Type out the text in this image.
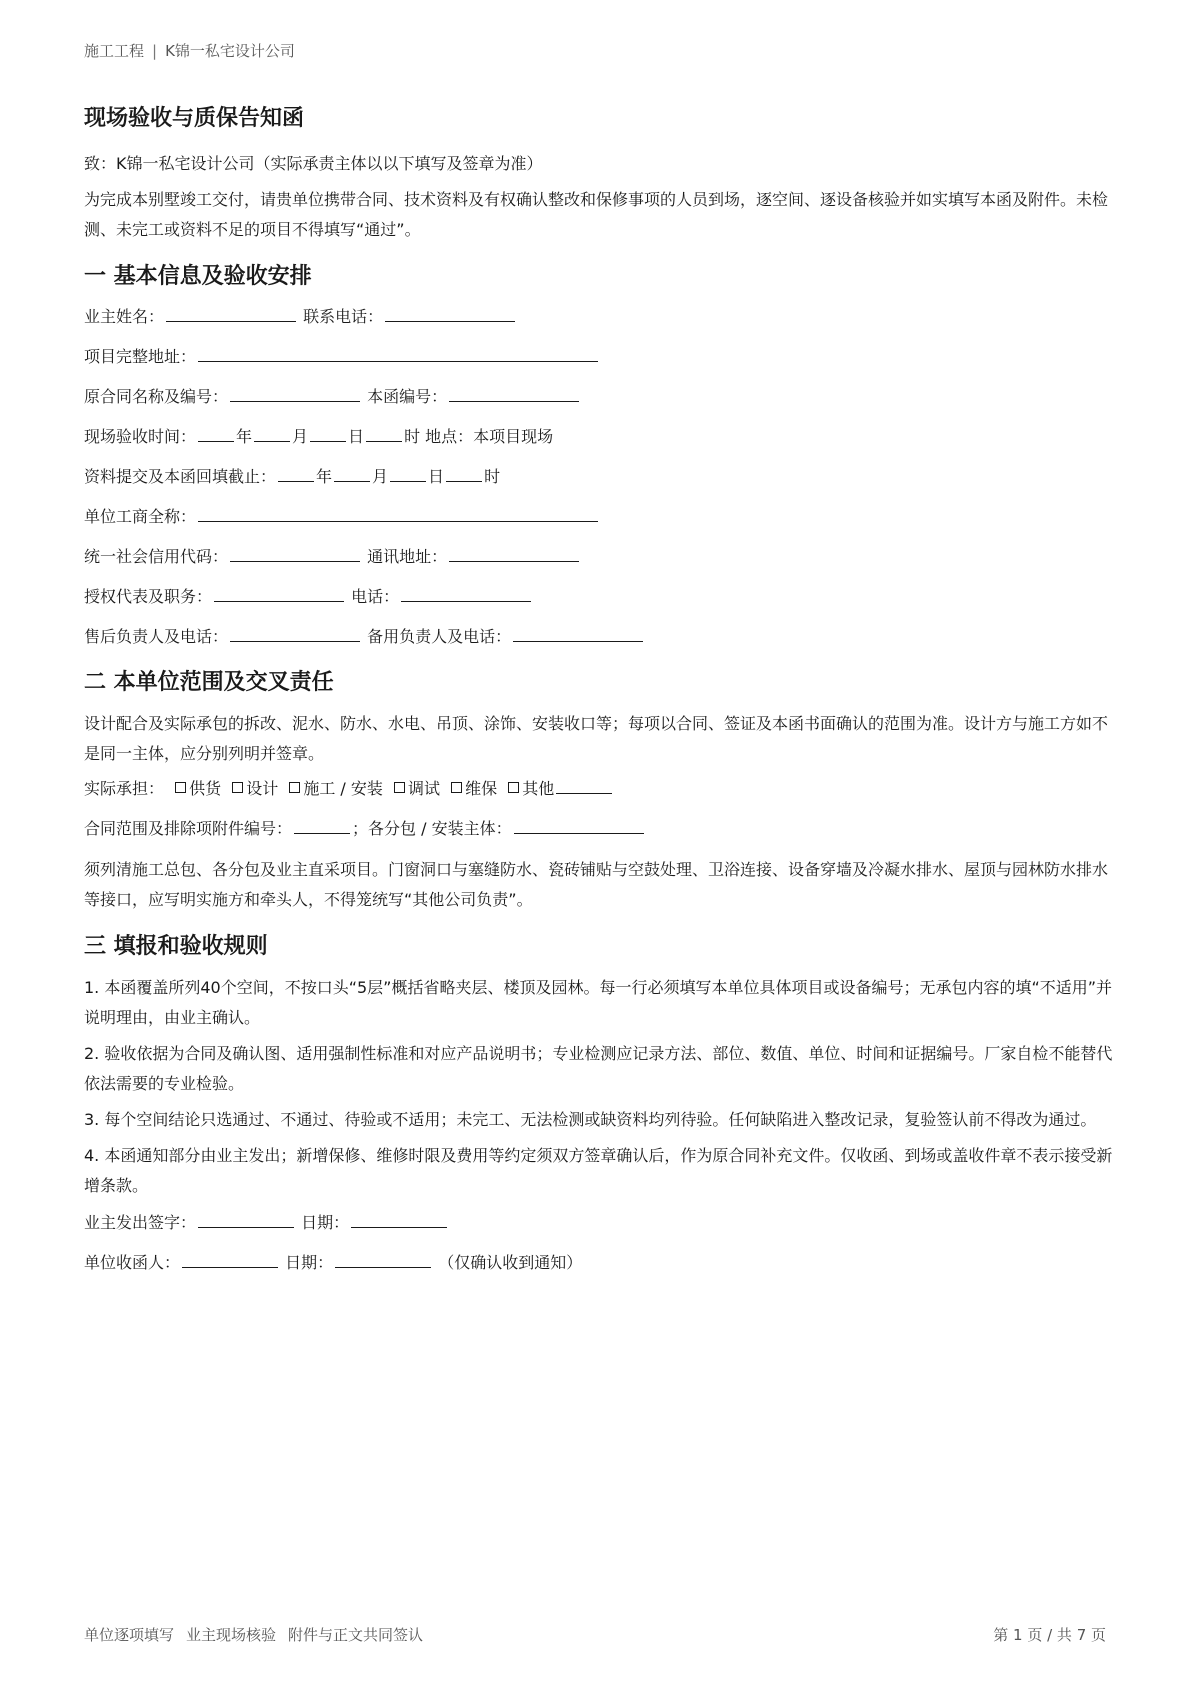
施工工程 | K锦一私宅设计公司
现场验收与质保告知函

致：K锦一私宅设计公司（实际承责主体以以下填写及签章为准）

为完成本别墅竣工交付，请贵单位携带合同、技术资料及有权确认整改和保修事项的人员到场，逐空间、逐设备核验并如实填写本函及附件。未检测、未完工或资料不足的项目不得填写“通过”。

一 基本信息及验收安排
业主姓名：	联系电话：
项目完整地址：
原合同名称及编号：	本函编号：
现场验收时间：	年	月	日	时 地点：本项目现场
资料提交及本函回填截止：	年	月	日	时
单位工商全称：
统一社会信用代码：	通讯地址：
授权代表及职务：	电话：
售后负责人及电话：	备用负责人及电话：
二 本单位范围及交叉责任

设计配合及实际承包的拆改、泥水、防水、水电、吊顶、涂饰、安装收口等；每项以合同、签证及本函书面确认的范围为准。设计方与施工方如不是同一主体，应分别列明并签章。

实际承担： 供货 设计 施工 / 安装 调试 维保 其他
合同范围及排除项附件编号：	；各分包 / 安装主体：

须列清施工总包、各分包及业主直采项目。门窗洞口与塞缝防水、瓷砖铺贴与空鼓处理、卫浴连接、设备穿墙及冷凝水排水、屋顶与园林防水排水等接口，应写明实施方和牵头人，不得笼统写“其他公司负责”。

三 填报和验收规则

1. 本函覆盖所列40个空间，不按口头“5层”概括省略夹层、楼顶及园林。每一行必须填写本单位具体项目或设备编号；无承包内容的填“不适用”并说明理由，由业主确认。

2. 验收依据为合同及确认图、适用强制性标准和对应产品说明书；专业检测应记录方法、部位、数值、单位、时间和证据编号。厂家自检不能替代依法需要的专业检验。

3. 每个空间结论只选通过、不通过、待验或不适用；未完工、无法检测或缺资料均列待验。任何缺陷进入整改记录，复验签认前不得改为通过。

4. 本函通知部分由业主发出；新增保修、维修时限及费用等约定须双方签章确认后，作为原合同补充文件。仅收函、到场或盖收件章不表示接受新增条款。

业主发出签字：	日期：
单位收函人：	日期：	（仅确认收到通知）
单位逐项填写 业主现场核验 附件与正文共同签认	第 1 页 / 共 7 页
